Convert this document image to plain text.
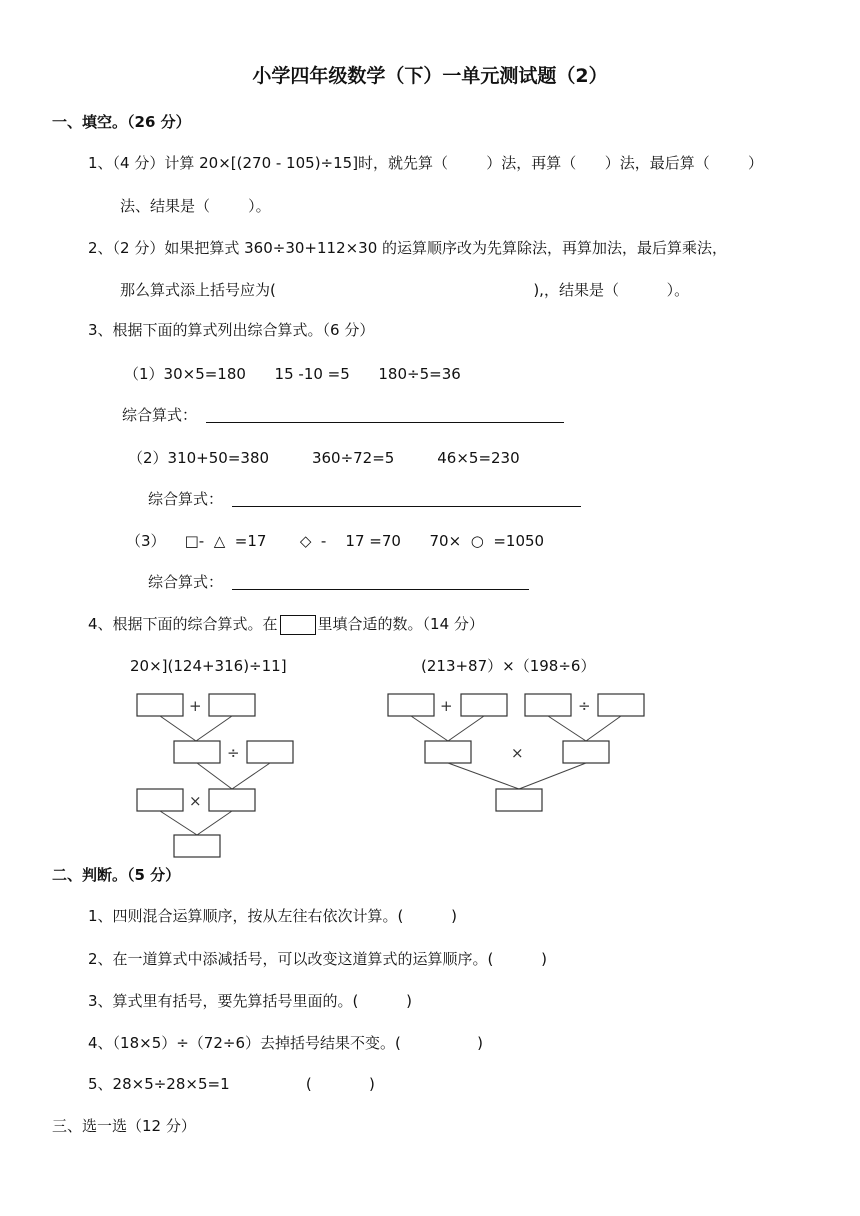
小学四年级数学（下）一单元测试题（2）
一、填空。（26 分）
1、（4 分）计算 20×[(270 - 105)÷15]时，就先算（        ）法，再算（      ）法，最后算（        ）
法、结果是（        ）。
2、（2 分）如果把算式 360÷30+112×30 的运算顺序改为先算除法，再算加法，最后算乘法，
那么算式添上括号应为(                                                      ),，结果是（          ）。
3、根据下面的算式列出综合算式。（6 分）
（1）30×5=180      15 -10 =5      180÷5=36
综合算式：
（2）310+50=380         360÷72=5         46×5=230
综合算式：
（3）    □-  △  =17       ◇  -    17 =70      70×  ○  =1050
综合算式：
4、根据下面的综合算式。在	里填合适的数。（14 分）
20×](124+316)÷11]	(213+87）×（198÷6）
+
÷
×
+	÷
×
二、判断。（5 分）
1、四则混合运算顺序，按从左往右依次计算。(          )
2、在一道算式中添减括号，可以改变这道算式的运算顺序。(          )
3、算式里有括号，要先算括号里面的。(          )
4、（18×5）÷（72÷6）去掉括号结果不变。(                )
5、28×5÷28×5=1                (            )
三、选一选（12 分）
